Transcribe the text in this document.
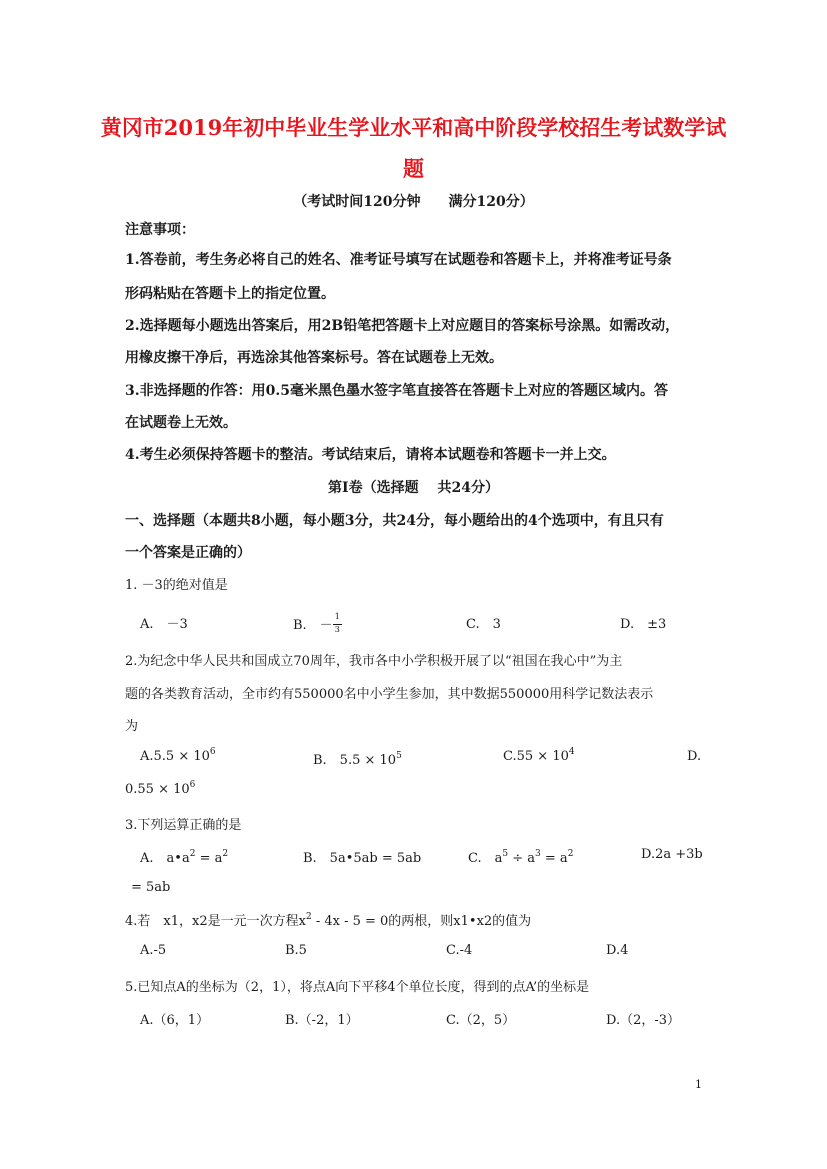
黄冈市2019年初中毕业生学业水平和高中阶段学校招生考试数学试
题
（考试时间120分钟　　满分120分）
注意事项：
1.答卷前，考生务必将自己的姓名、准考证号填写在试题卷和答题卡上，并将准考证号条
形码粘贴在答题卡上的指定位置。
2.选择题每小题选出答案后，用2B铅笔把答题卡上对应题目的答案标号涂黑。如需改动，
用橡皮擦干净后，再选涂其他答案标号。答在试题卷上无效。
3.非选择题的作答：用0.5毫米黑色墨水签字笔直接答在答题卡上对应的答题区域内。答
在试题卷上无效。
4.考生必须保持答题卡的整洁。考试结束后，请将本试题卷和答题卡一并上交。
第Ⅰ卷（选择题　 共24分）
一、选择题（本题共8小题，每小题3分，共24分，每小题给出的4个选项中，有且只有
一个答案是正确的）
1. －3的绝对值是
A.　－3	B.　－ $\frac{1}{3}$	C.　3	D.　±3
2.为纪念中华人民共和国成立70周年，我市各中小学积极开展了以“祖国在我心中”为主
题的各类教育活动，全市约有550000名中小学生参加，其中数据550000用科学记数法表示
为
$A.5.5 \times 10^6$
B.　$5.5 \times 10^5$	$C.55 \times 10^4$	D.
$0.55 \times 10^6$
3.下列运算正确的是
A.　$a•a^2 = a^2$	B.　5a•5ab = 5ab	C.　$a^5 \div a^3 = a^2$	D.2a +3b
= 5ab
4.若　x1，x2是一元一次方程$x^2 - 4x - 5 = 0$的两根，则x1•x2的值为
A.-5	B.5	C.-4	D.4
5.已知点A的坐标为（2，1），将点A向下平移4个单位长度，得到的点A’的坐标是
A.（6，1）	B.（-2，1）	C.（2，5）	D.（2，-3）
1
